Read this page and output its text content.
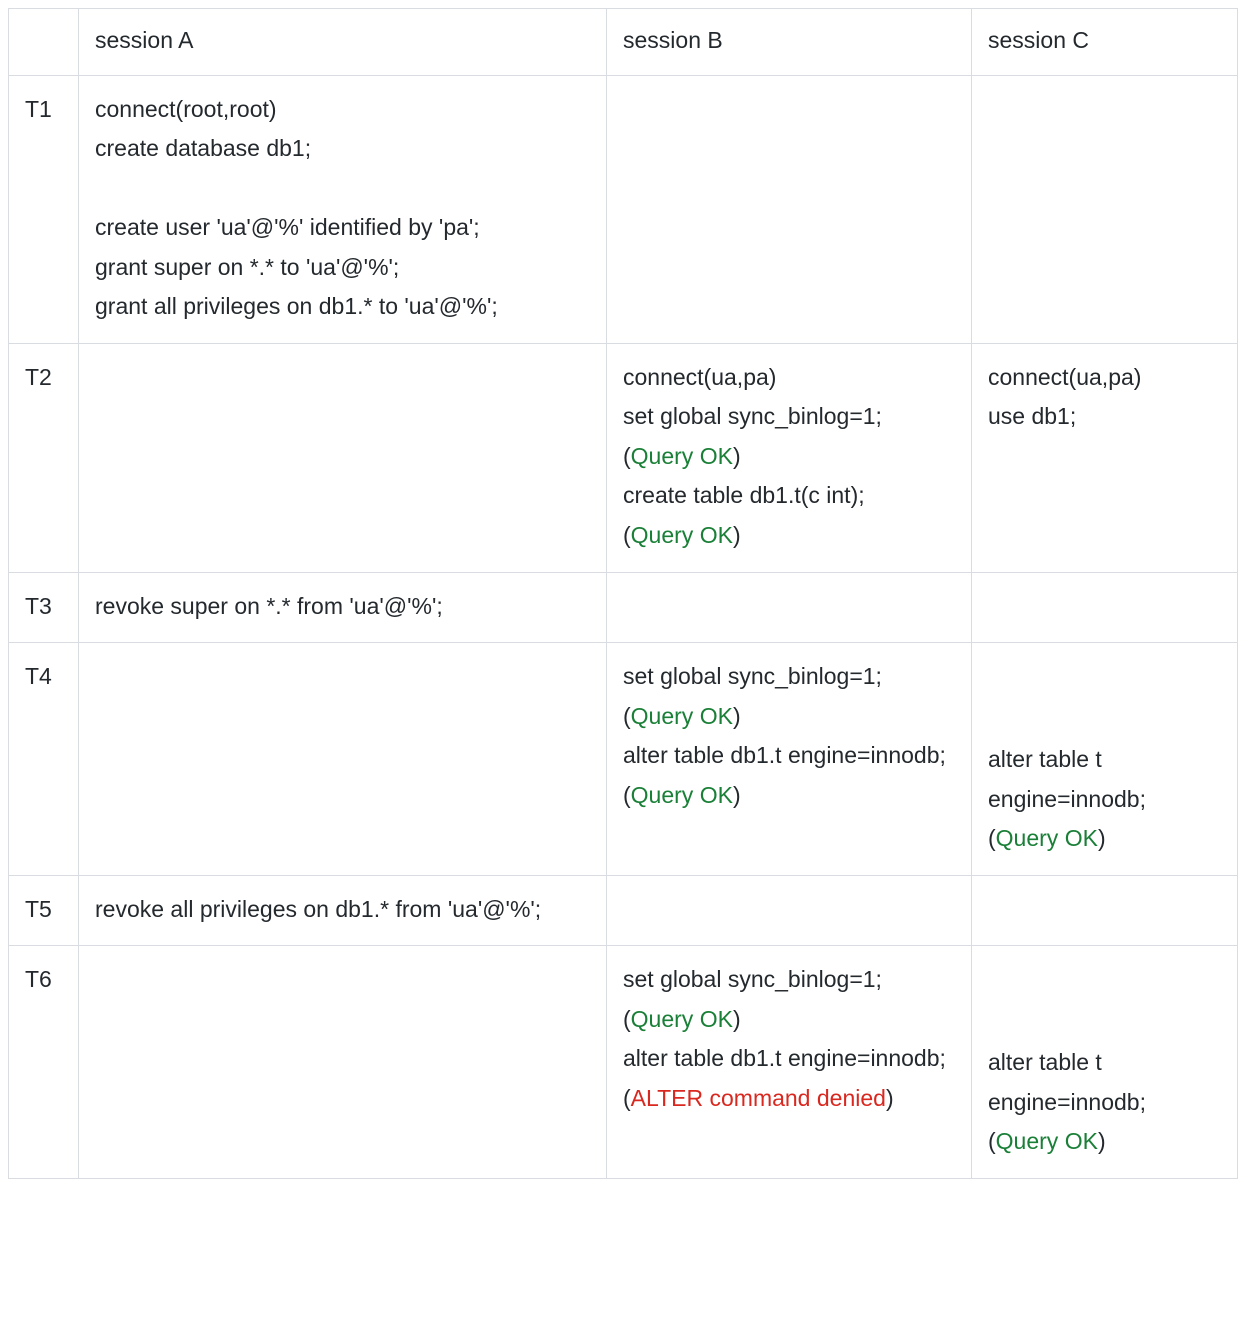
	session A	session B	session C
T1	connect(root,root)
create database db1;
create user 'ua'@'%' identified by 'pa';
grant super on *.* to 'ua'@'%';
grant all privileges on db1.* to 'ua'@'%';		

T2		connect(ua,pa)
set global sync_binlog=1;
(Query OK)
create table db1.t(c int);
(Query OK)	connect(ua,pa)
use db1;

T3	revoke super on *.* from 'ua'@'%';		

T4		set global sync_binlog=1;
(Query OK)
alter table db1.t engine=innodb;
(Query OK)	alter table t engine=innodb;
(Query OK)

T5	revoke all privileges on db1.* from 'ua'@'%';		

T6		set global sync_binlog=1;
(Query OK)
alter table db1.t engine=innodb;
(ALTER command denied)	alter table t engine=innodb;
(Query OK)
